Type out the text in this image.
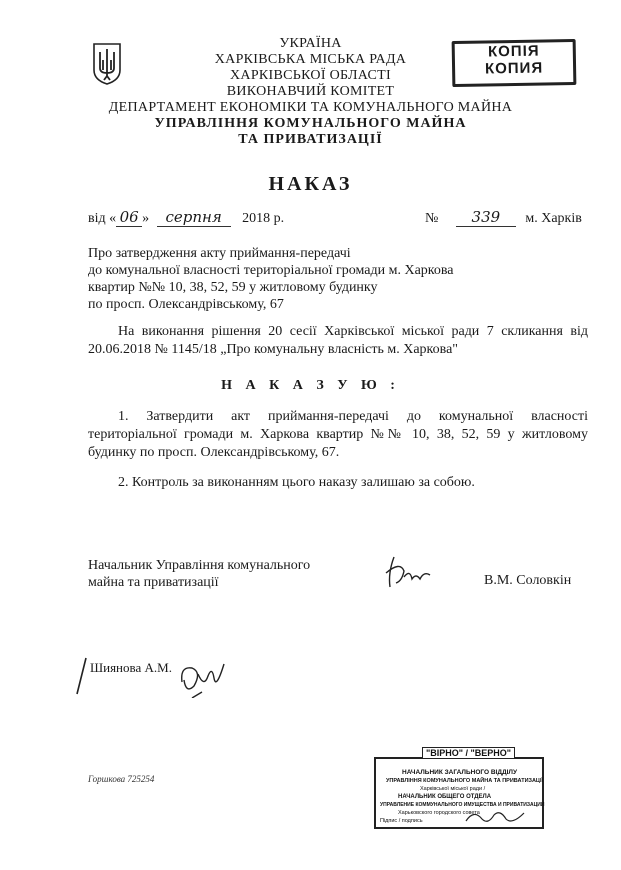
УКРАЇНА
ХАРКІВСЬКА МІСЬКА РАДА
ХАРКІВСЬКОЇ ОБЛАСТІ
ВИКОНАВЧИЙ КОМІТЕТ
ДЕПАРТАМЕНТ ЕКОНОМІКИ ТА КОМУНАЛЬНОГО МАЙНА
УПРАВЛІННЯ КОМУНАЛЬНОГО МАЙНА
ТА ПРИВАТИЗАЦІЇ
КОПІЯ
КОПИЯ
НАКАЗ
від « 06 » серпня 2018 р.	№ 339 м. Харків
Про затвердження акту приймання-передачі
до комунальної власності територіальної громади м. Харкова
квартир №№ 10, 38, 52, 59 у житловому будинку
по просп. Олександрівському, 67
На виконання рішення 20 сесії Харківської міської ради 7 скликання від 20.06.2018 № 1145/18 „Про комунальну власність м. Харкова"
Н А К А З У Ю :
1. Затвердити акт приймання-передачі до комунальної власності територіальної громади м. Харкова квартир №№ 10, 38, 52, 59 у житловому будинку по просп. Олександрівському, 67.
2. Контроль за виконанням цього наказу залишаю за собою.
Начальник Управління комунального
майна та приватизації	В.М. Соловкін
Шиянова А.М.
Горшкова 725254
"ВІРНО" / "ВЕРНО"
НАЧАЛЬНИК ЗАГАЛЬНОГО ВІДДІЛУ
УПРАВЛІННЯ КОМУНАЛЬНОГО МАЙНА ТА ПРИВАТИЗАЦІЇ
Харківської міської ради /
НАЧАЛЬНИК ОБЩЕГО ОТДЕЛА
УПРАВЛЕНИЕ КОММУНАЛЬНОГО ИМУЩЕСТВА И ПРИВАТИЗАЦИИ
Харьковского городского совета
Підпис / подпись
